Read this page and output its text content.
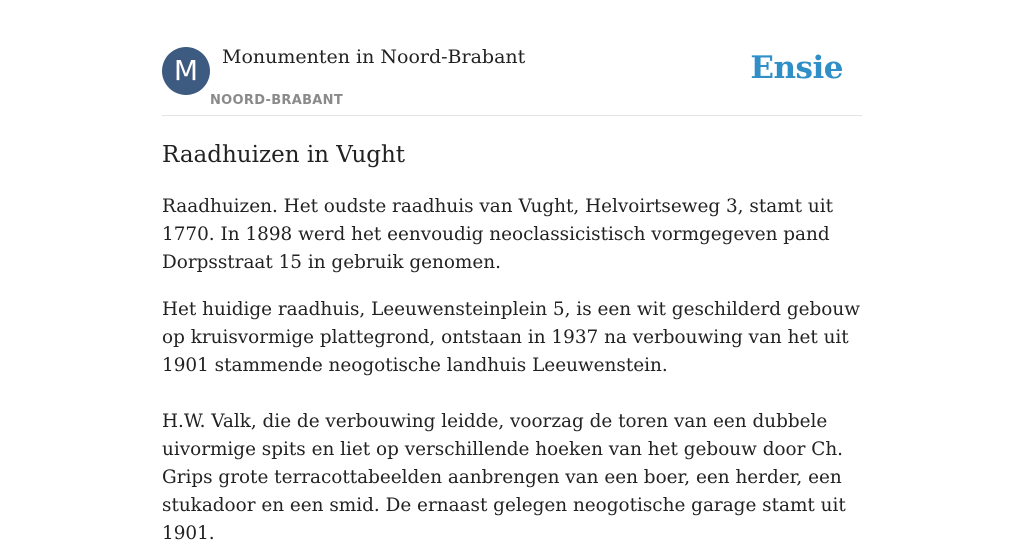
M	Monumenten in Noord-Brabant
NOORD-BRABANT
Ensie
Raadhuizen in Vught

Raadhuizen. Het oudste raadhuis van Vught, Helvoirtseweg 3, stamt uit 1770. In 1898 werd het eenvoudig neoclassicistisch vormgegeven pand Dorpsstraat 15 in gebruik genomen.

Het huidige raadhuis, Leeuwensteinplein 5, is een wit geschilderd gebouw op kruisvormige plattegrond, ontstaan in 1937 na verbouwing van het uit 1901 stammende neogotische landhuis Leeuwenstein.

H.W. Valk, die de verbouwing leidde, voorzag de toren van een dubbele uivormige spits en liet op verschillende hoeken van het gebouw door Ch. Grips grote terracottabeelden aanbrengen van een boer, een herder, een stukadoor en een smid. De ernaast gelegen neogotische garage stamt uit 1901.
